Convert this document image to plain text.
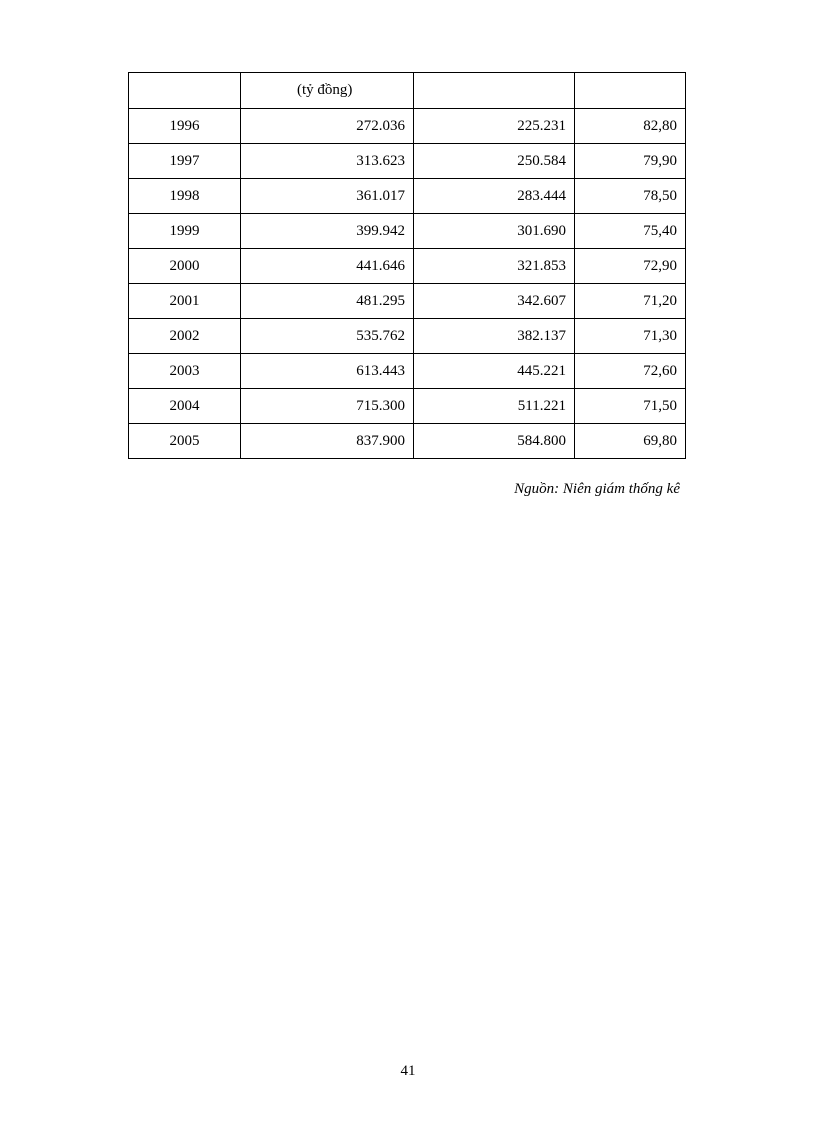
	(tỷ đồng)		
1996	272.036	225.231	82,80
1997	313.623	250.584	79,90
1998	361.017	283.444	78,50
1999	399.942	301.690	75,40
2000	441.646	321.853	72,90
2001	481.295	342.607	71,20
2002	535.762	382.137	71,30
2003	613.443	445.221	72,60
2004	715.300	511.221	71,50
2005	837.900	584.800	69,80
Nguồn: Niên giám thống kê
41
